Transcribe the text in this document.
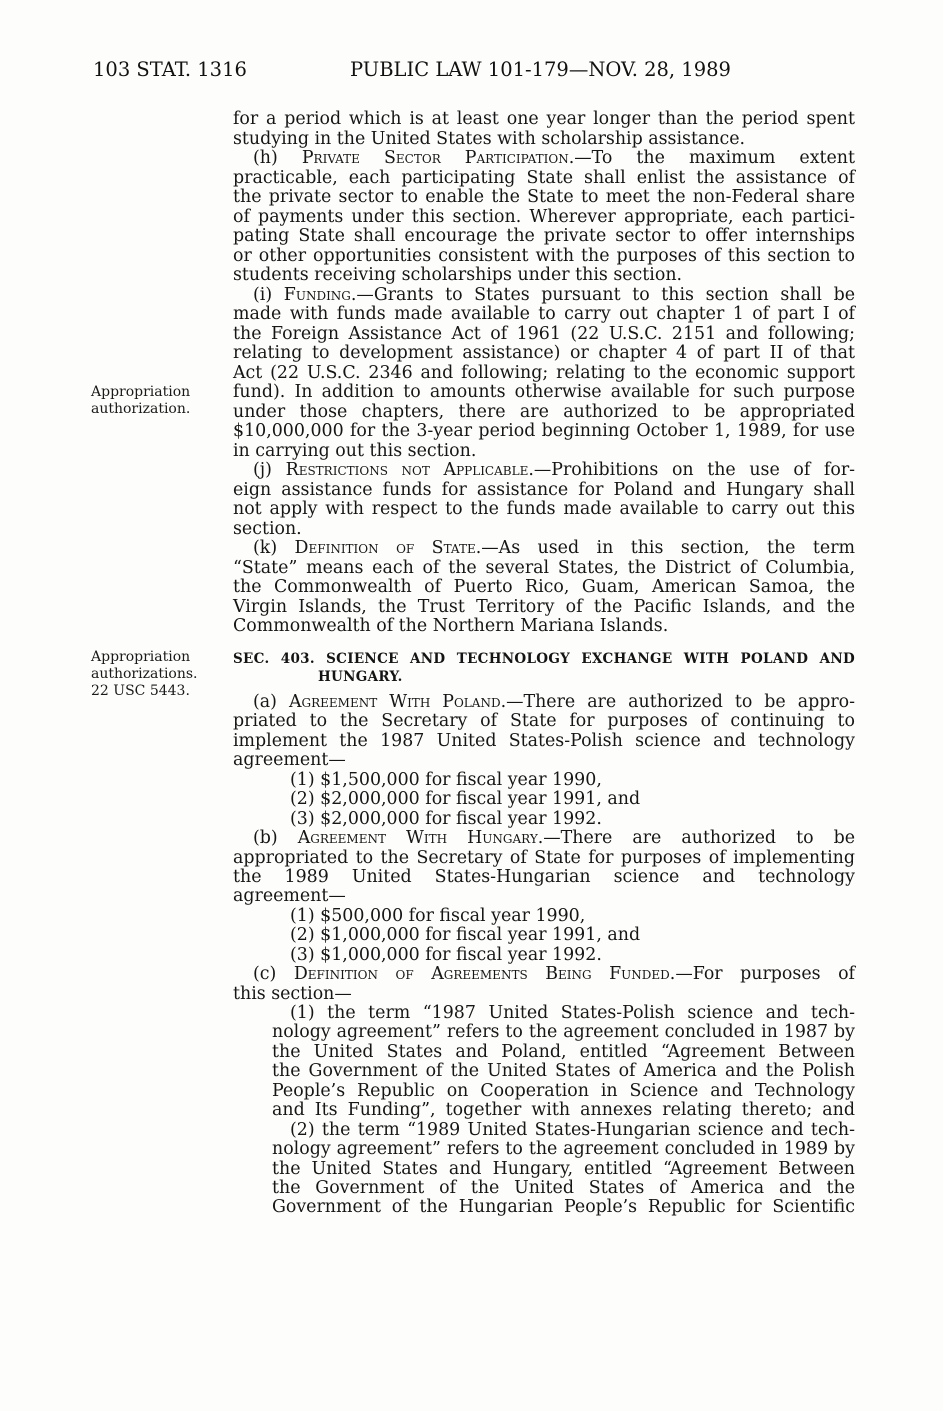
103 STAT. 1316	PUBLIC LAW 101-179—NOV. 28, 1989
Appropriation
authorization.
Appropriation
authorizations.
22 USC 5443.
for a period which is at least one year longer than the period spent
studying in the United States with scholarship assistance.
(h) Private Sector Participation.—To the maximum extent
practicable, each participating State shall enlist the assistance of
the private sector to enable the State to meet the non-Federal share
of payments under this section. Wherever appropriate, each partici-
pating State shall encourage the private sector to offer internships
or other opportunities consistent with the purposes of this section to
students receiving scholarships under this section.
(i) Funding.—Grants to States pursuant to this section shall be
made with funds made available to carry out chapter 1 of part I of
the Foreign Assistance Act of 1961 (22 U.S.C. 2151 and following;
relating to development assistance) or chapter 4 of part II of that
Act (22 U.S.C. 2346 and following; relating to the economic support
fund). In addition to amounts otherwise available for such purpose
under those chapters, there are authorized to be appropriated
$10,000,000 for the 3-year period beginning October 1, 1989, for use
in carrying out this section.
(j) Restrictions not Applicable.—Prohibitions on the use of for-
eign assistance funds for assistance for Poland and Hungary shall
not apply with respect to the funds made available to carry out this
section.
(k) Definition of State.—As used in this section, the term
“State” means each of the several States, the District of Columbia,
the Commonwealth of Puerto Rico, Guam, American Samoa, the
Virgin Islands, the Trust Territory of the Pacific Islands, and the
Commonwealth of the Northern Mariana Islands.
SEC. 403. SCIENCE AND TECHNOLOGY EXCHANGE WITH POLAND AND
HUNGARY.
(a) Agreement With Poland.—There are authorized to be appro-
priated to the Secretary of State for purposes of continuing to
implement the 1987 United States-Polish science and technology
agreement—
(1) $1,500,000 for fiscal year 1990,
(2) $2,000,000 for fiscal year 1991, and
(3) $2,000,000 for fiscal year 1992.
(b) Agreement With Hungary.—There are authorized to be
appropriated to the Secretary of State for purposes of implementing
the 1989 United States-Hungarian science and technology
agreement—
(1) $500,000 for fiscal year 1990,
(2) $1,000,000 for fiscal year 1991, and
(3) $1,000,000 for fiscal year 1992.
(c) Definition of Agreements Being Funded.—For purposes of
this section—
(1) the term “1987 United States-Polish science and tech-
nology agreement” refers to the agreement concluded in 1987 by
the United States and Poland, entitled “Agreement Between
the Government of the United States of America and the Polish
People’s Republic on Cooperation in Science and Technology
and Its Funding”, together with annexes relating thereto; and
(2) the term “1989 United States-Hungarian science and tech-
nology agreement” refers to the agreement concluded in 1989 by
the United States and Hungary, entitled “Agreement Between
the Government of the United States of America and the
Government of the Hungarian People’s Republic for Scientific
